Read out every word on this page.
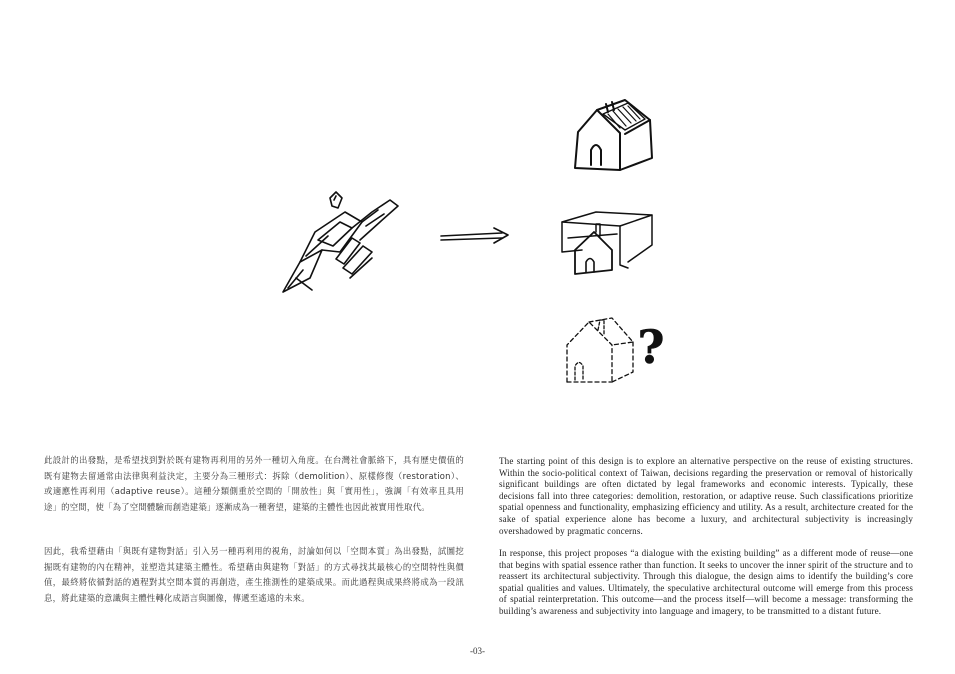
?
此設計的出發點，是希望找到對於既有建物再利用的另外一種切入角度。在台灣社會脈絡下，具有歷史價值的既有建物去留通常由法律與利益決定，主要分為三種形式：拆除（demolition）、原樣修復（restoration）、或適應性再利用（adaptive reuse）。這種分類側重於空間的「開放性」與「實用性」，強調「有效率且具用途」的空間，使「為了空間體驗而創造建築」逐漸成為一種奢望，建築的主體性也因此被實用性取代。
因此，我希望藉由「與既有建物對話」引入另一種再利用的視角，討論如何以「空間本質」為出發點，試圖挖掘既有建物的內在精神，並塑造其建築主體性。希望藉由與建物「對話」的方式尋找其最核心的空間特性與價值，最終將依循對話的過程對其空間本質的再創造，產生推測性的建築成果。而此過程與成果終將成為一段訊息，將此建築的意識與主體性轉化成語言與圖像，傳遞至遙遠的未來。
The starting point of this design is to explore an alternative perspective on the reuse of existing structures. Within the socio-political context of Taiwan, decisions regarding the preservation or removal of historically significant buildings are often dictated by legal frameworks and economic interests. Typically, these decisions fall into three categories: demolition, restoration, or adaptive reuse. Such classifications prioritize spatial openness and functionality, emphasizing efficiency and utility. As a result, architecture created for the sake of spatial experience alone has become a luxury, and architectural subjectivity is increasingly overshadowed by pragmatic concerns.
In response, this project proposes “a dialogue with the existing building” as a different mode of reuse—one that begins with spatial essence rather than function. It seeks to uncover the inner spirit of the structure and to reassert its architectural subjectivity. Through this dialogue, the design aims to identify the building’s core spatial qualities and values. Ultimately, the speculative architectural outcome will emerge from this process of spatial reinterpretation. This outcome—and the process itself—will become a message: transforming the building’s awareness and subjectivity into language and imagery, to be transmitted to a distant future.
-03-
